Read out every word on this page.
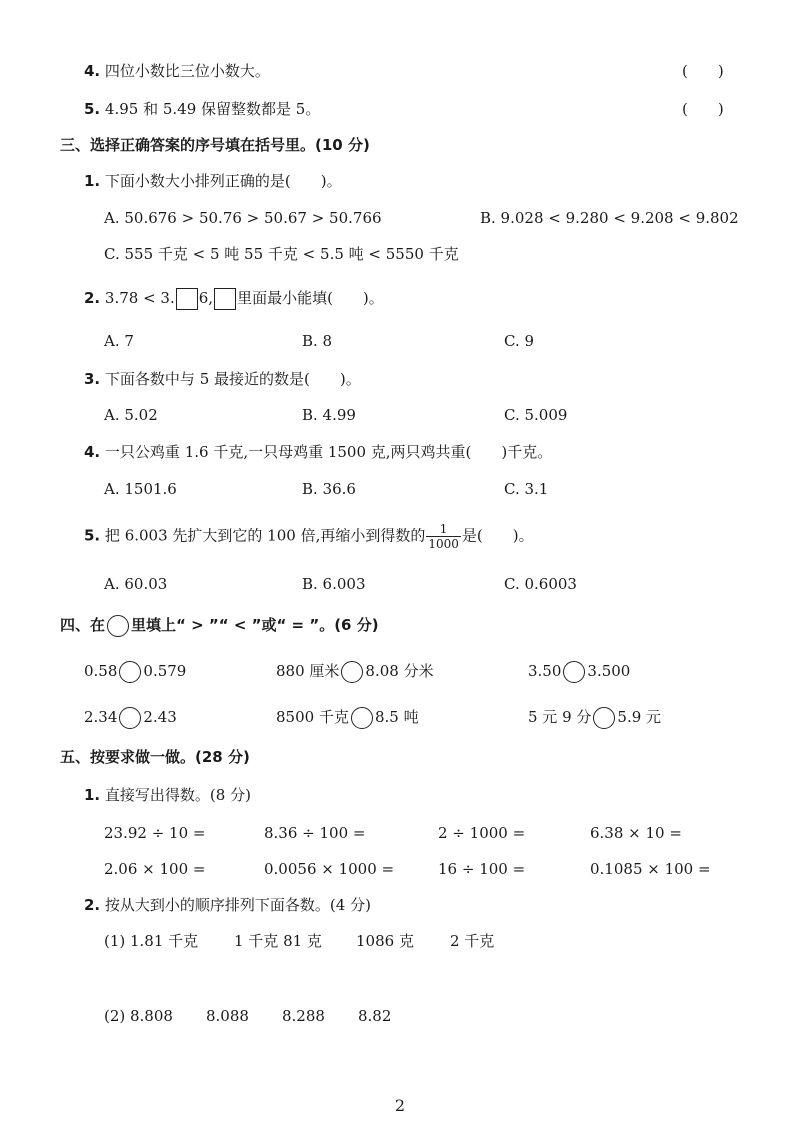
4. 四位小数比三位小数大。	(　　)
5. 4.95 和 5.49 保留整数都是 5。	(　　)
三、选择正确答案的序号填在括号里。(10 分)
1. 下面小数大小排列正确的是(　　)。
A. 50.676 > 50.76 > 50.67 > 50.766	B. 9.028 < 9.280 < 9.208 < 9.802
C. 555 千克 < 5 吨 55 千克 < 5.5 吨 < 5550 千克
2. 3.78 < 3. 6, 里面最小能填(　　)。
A. 7	B. 8	C. 9
3. 下面各数中与 5 最接近的数是(　　)。
A. 5.02	B. 4.99	C. 5.009
4. 一只公鸡重 1.6 千克,一只母鸡重 1500 克,两只鸡共重(　　)千克。
A. 1501.6	B. 36.6	C. 3.1
5. 把 6.003 先扩大到它的 100 倍,再缩小到得数的 $\frac{1}{1000}$ 是(　　)。
A. 60.03	B. 6.003	C. 0.6003
四、在 里填上“ > ”“ < ”或“ = ”。(6 分)
0.58 0.579	880 厘米 8.08 分米	3.50 3.500
2.34 2.43	8500 千克 8.5 吨	5 元 9 分 5.9 元
五、按要求做一做。(28 分)
1. 直接写出得数。(8 分)
23.92 ÷ 10 =	8.36 ÷ 100 =	2 ÷ 1000 =	6.38 × 10 =
2.06 × 100 =	0.0056 × 1000 =	16 ÷ 100 =	0.1085 × 100 =
2. 按从大到小的顺序排列下面各数。(4 分)
(1) 1.81 千克 1 千克 81 克 1086 克 2 千克
(2) 8.808 8.088 8.288 8.82
2
